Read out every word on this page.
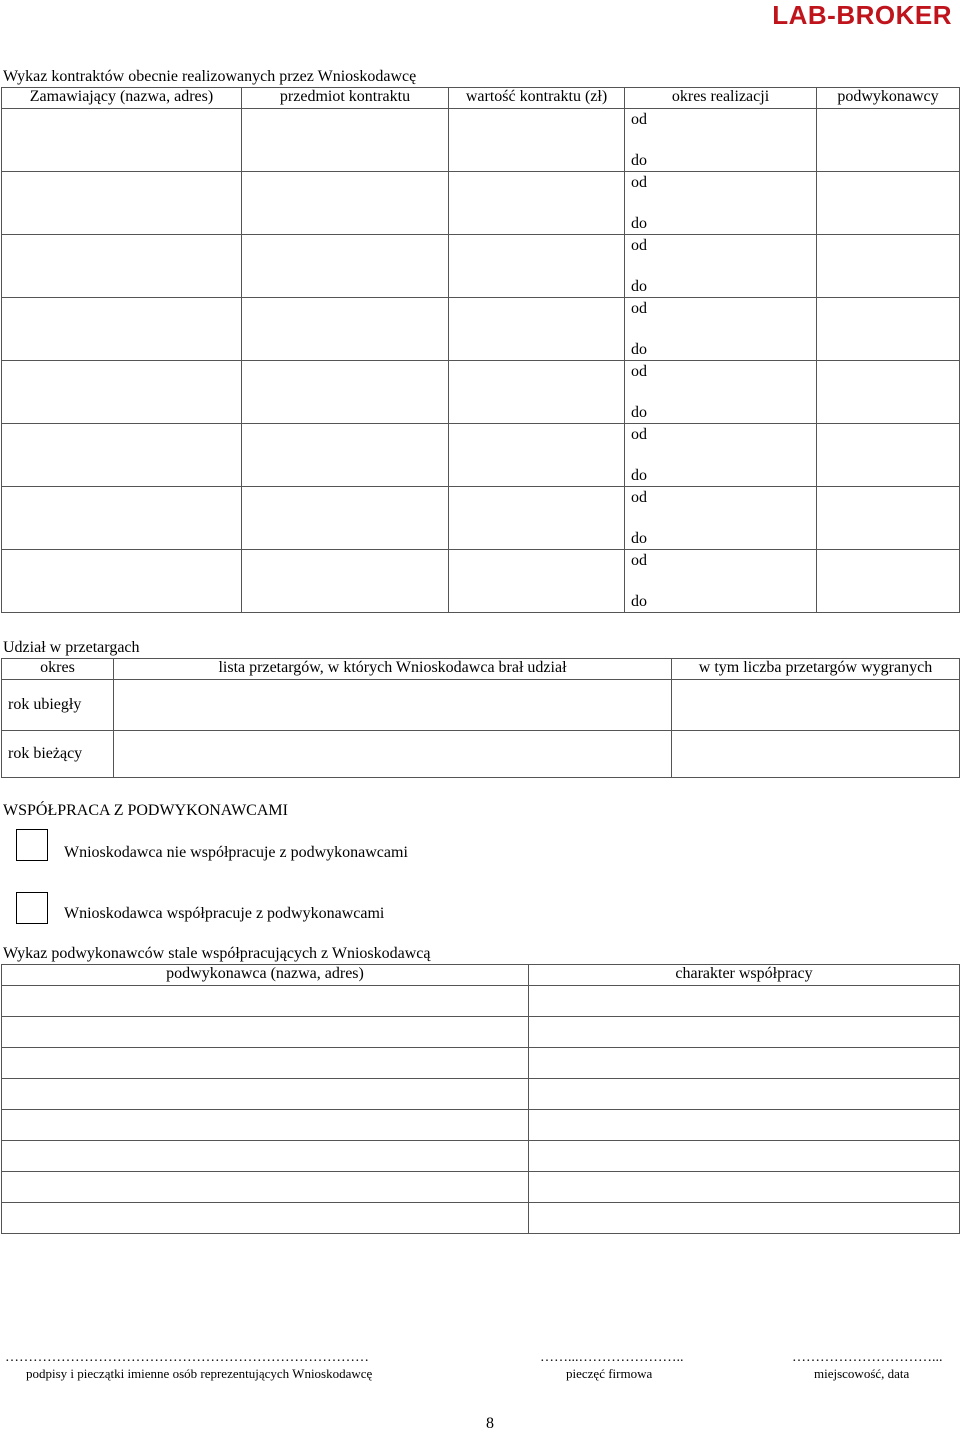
LAB-BROKER
Wykaz kontraktów obecnie realizowanych przez Wnioskodawcę
Zamawiający (nazwa, adres)	przedmiot kontraktu	wartość kontraktu (zł)	okres realizacji	podwykonawcy

			od
do	

			od
do	

			od
do	

			od
do	

			od
do	

			od
do	

			od
do	

			od
do	

Udział w przetargach
okres	lista przetargów, w których Wnioskodawca brał udział	w tym liczba przetargów wygranych
rok ubiegły		
rok bieżący		
WSPÓŁPRACA Z PODWYKONAWCAMI
Wnioskodawca nie współpracuje z podwykonawcami
Wnioskodawca współpracuje z podwykonawcami
Wykaz podwykonawców stale współpracujących z Wnioskodawcą
podwykonawca (nazwa, adres)	charakter współpracy

……………………………………………………………………
podpisy i pieczątki imienne osób reprezentujących Wnioskodawcę
……...…………………..
pieczęć firmowa
…………………………...
miejscowość, data
8
